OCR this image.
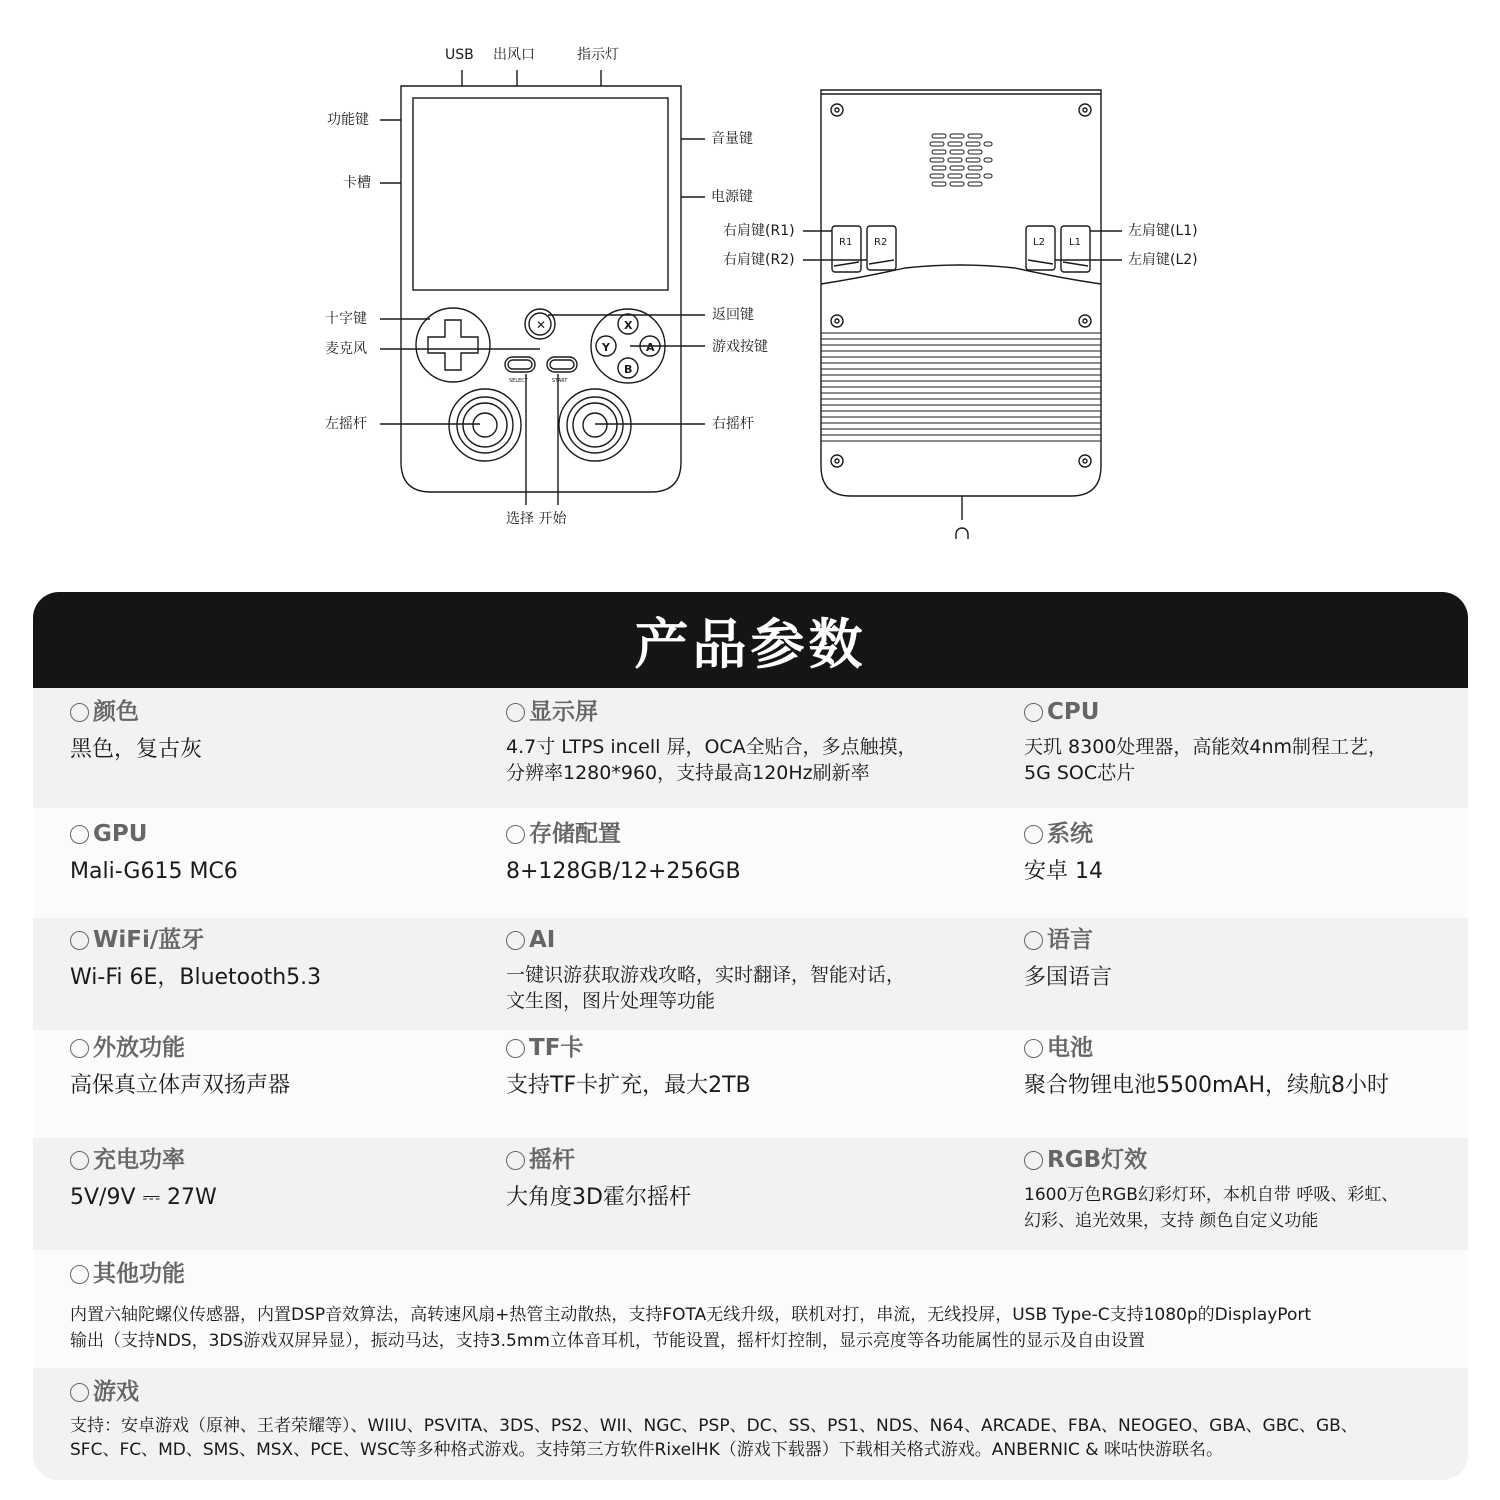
USB 出风口	指示灯
功能键
卡槽
音量键
电源键
十字键
麦克风
返回键
游戏按键
左摇杆	右摇杆
选择 开始
SELECT	START
✕	X
Y	A
B
右肩键(R1)
右肩键(R2)
左肩键(L1)
左肩键(L2)
R1 R2	L2 L1
产品参数
颜色
黑色，复古灰
显示屏
4.7寸 LTPS incell 屏，OCA全贴合，多点触摸，
分辨率1280*960，支持最高120Hz刷新率
CPU
天玑 8300处理器，高能效4nm制程工艺，
5G SOC芯片
GPU
Mali-G615 MC6
存储配置
8+128GB/12+256GB
系统
安卓 14
WiFi/蓝牙
Wi-Fi 6E，Bluetooth5.3
AI
一键识游获取游戏攻略，实时翻译，智能对话，
文生图，图片处理等功能
语言
多国语言
外放功能
高保真立体声双扬声器
TF卡
支持TF卡扩充，最大2TB
电池
聚合物锂电池5500mAH，续航8小时
充电功率
5V/9V ⎓ 27W
摇杆
大角度3D霍尔摇杆
RGB灯效
1600万色RGB幻彩灯环，本机自带 呼吸、彩虹、
幻彩、追光效果，支持 颜色自定义功能
其他功能
内置六轴陀螺仪传感器，内置DSP音效算法，高转速风扇+热管主动散热，支持FOTA无线升级，联机对打，串流，无线投屏，USB Type-C支持1080p的DisplayPort
输出（支持NDS，3DS游戏双屏异显），振动马达，支持3.5mm立体音耳机，节能设置，摇杆灯控制，显示亮度等各功能属性的显示及自由设置
游戏
支持：安卓游戏（原神、王者荣耀等）、WIIU、PSVITA、3DS、PS2、WII、NGC、PSP、DC、SS、PS1、NDS、N64、ARCADE、FBA、NEOGEO、GBA、GBC、GB、
SFC、FC、MD、SMS、MSX、PCE、WSC等多种格式游戏。支持第三方软件RixelHK（游戏下载器）下载相关格式游戏。ANBERNIC & 咪咕快游联名。
